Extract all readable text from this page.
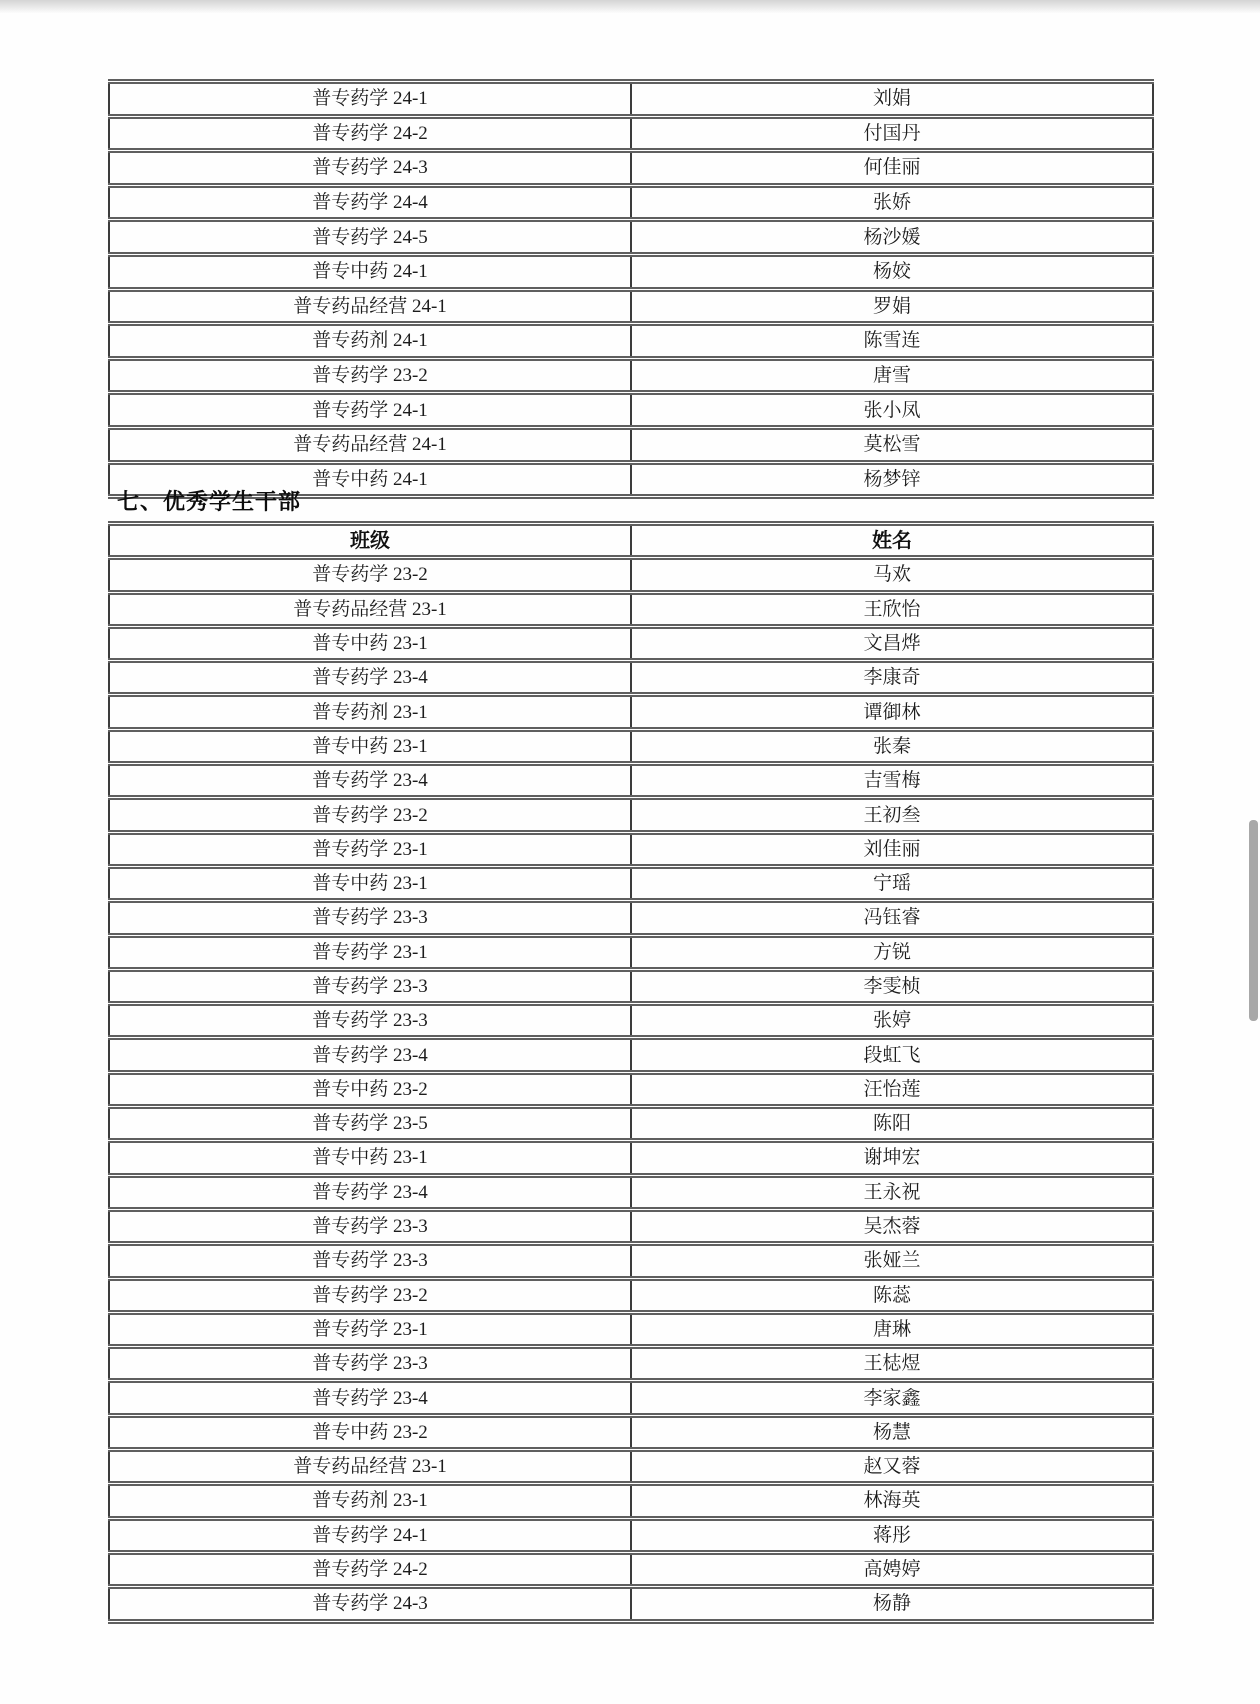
普专药学 24-1	刘娟
普专药学 24-2	付国丹
普专药学 24-3	何佳丽
普专药学 24-4	张娇
普专药学 24-5	杨沙媛
普专中药 24-1	杨姣
普专药品经营 24-1	罗娟
普专药剂 24-1	陈雪连
普专药学 23-2	唐雪
普专药学 24-1	张小凤
普专药品经营 24-1	莫松雪
普专中药 24-1	杨梦锌
七、优秀学生干部
班级	姓名
普专药学 23-2	马欢
普专药品经营 23-1	王欣怡
普专中药 23-1	文昌烨
普专药学 23-4	李康奇
普专药剂 23-1	谭御林
普专中药 23-1	张秦
普专药学 23-4	吉雪梅
普专药学 23-2	王初叁
普专药学 23-1	刘佳丽
普专中药 23-1	宁瑶
普专药学 23-3	冯钰睿
普专药学 23-1	方锐
普专药学 23-3	李雯桢
普专药学 23-3	张婷
普专药学 23-4	段虹飞
普专中药 23-2	汪怡莲
普专药学 23-5	陈阳
普专中药 23-1	谢坤宏
普专药学 23-4	王永祝
普专药学 23-3	吴杰蓉
普专药学 23-3	张娅兰
普专药学 23-2	陈蕊
普专药学 23-1	唐琳
普专药学 23-3	王梽煜
普专药学 23-4	李家鑫
普专中药 23-2	杨慧
普专药品经营 23-1	赵又蓉
普专药剂 23-1	林海英
普专药学 24-1	蒋彤
普专药学 24-2	高娉婷
普专药学 24-3	杨静
